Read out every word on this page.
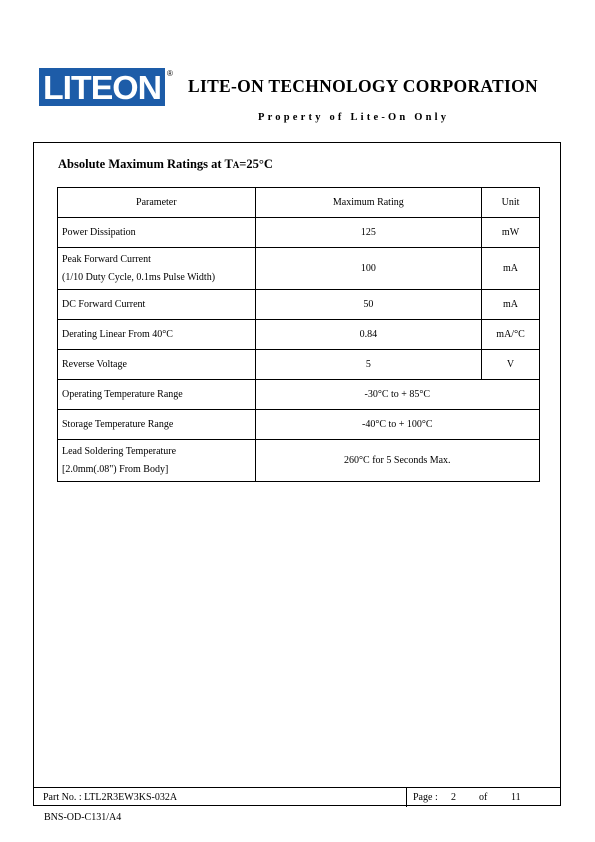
LITEON ®
LITE-ON TECHNOLOGY CORPORATION
Property of Lite-On Only
Absolute Maximum Ratings at TA=25°C
Parameter	Maximum Rating	Unit
Power Dissipation	125	mW

Peak Forward Current
(1/10 Duty Cycle, 0.1ms Pulse Width)	100	mA
DC Forward Current	50	mA
Derating Linear From 40°C	0.84	mA/°C
Reverse Voltage	5	V
Operating Temperature Range	-30°C to + 85°C	
Storage Temperature Range	-40°C to + 100°C	

Lead Soldering Temperature
[2.0mm(.08") From Body]	260°C for 5 Seconds Max.	
Part No. : LTL2R3EW3KS-032A	Page : 2 of 11
BNS-OD-C131/A4
